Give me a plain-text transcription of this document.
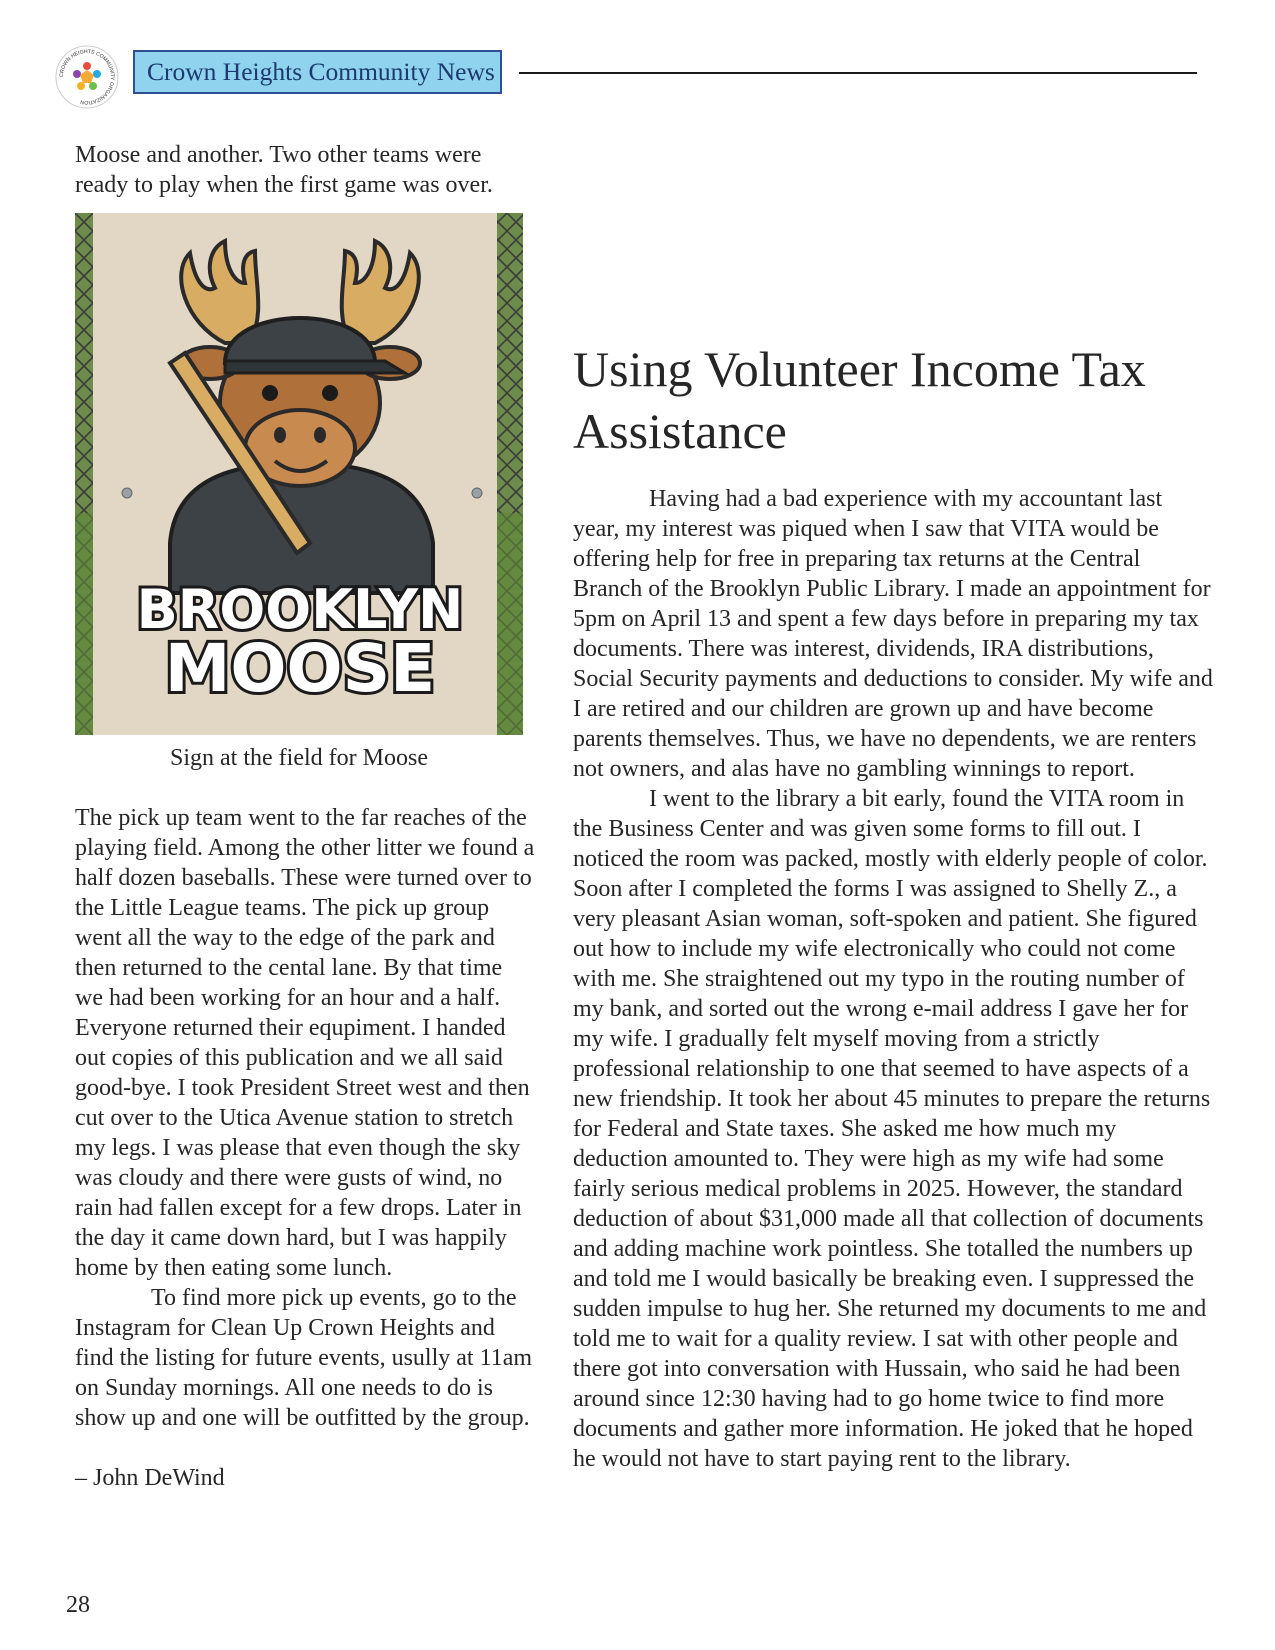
CROWN HEIGHTS COMMUNITY ORGANIZATION
Crown Heights Community News

Moose and another. Two other teams were ready to play when the first game was over.

BROOKLYN
MOOSE
Sign at the field for Moose

The pick up team went to the far reaches of the playing field. Among the other litter we found a half dozen baseballs. These were turned over to the Little League teams. The pick up group went all the way to the edge of the park and then returned to the cental lane. By that time we had been working for an hour and a half. Everyone returned their equpiment. I handed out copies of this publication and we all said good-bye. I took President Street west and then cut over to the Utica Avenue station to stretch my legs. I was please that even though the sky was cloudy and there were gusts of wind, no rain had fallen except for a few drops. Later in the day it came down hard, but I was happily home by then eating some lunch.

To find more pick up events, go to the Instagram for Clean Up Crown Heights and find the listing for future events, usully at 11am on Sunday mornings. All one needs to do is show up and one will be outfitted by the group.

– John DeWind

Using Volunteer Income Tax Assistance

Having had a bad experience with my accountant last year, my interest was piqued when I saw that VITA would be offering help for free in preparing tax returns at the Central Branch of the Brooklyn Public Library. I made an appointment for 5pm on April 13 and spent a few days before in preparing my tax documents. There was interest, dividends, IRA distributions, Social Security payments and deductions to consider. My wife and I are retired and our children are grown up and have become parents themselves. Thus, we have no dependents, we are renters not owners, and alas have no gambling winnings to report.

I went to the library a bit early, found the VITA room in the Business Center and was given some forms to fill out. I noticed the room was packed, mostly with elderly people of color. Soon after I completed the forms I was assigned to Shelly Z., a very pleasant Asian woman, soft-spoken and patient. She figured out how to include my wife electronically who could not come with me. She straightened out my typo in the routing number of my bank, and sorted out the wrong e-mail address I gave her for my wife. I gradually felt myself moving from a strictly professional relationship to one that seemed to have aspects of a new friendship. It took her about 45 minutes to prepare the returns for Federal and State taxes. She asked me how much my deduction amounted to. They were high as my wife had some fairly serious medical problems in 2025. However, the standard deduction of about $31,000 made all that collection of documents and adding machine work pointless. She totalled the numbers up and told me I would basically be breaking even. I suppressed the sudden impulse to hug her. She returned my documents to me and told me to wait for a quality review. I sat with other people and there got into conversation with Hussain, who said he had been around since 12:30 having had to go home twice to find more documents and gather more information. He joked that he hoped he would not have to start paying rent to the library.

28
